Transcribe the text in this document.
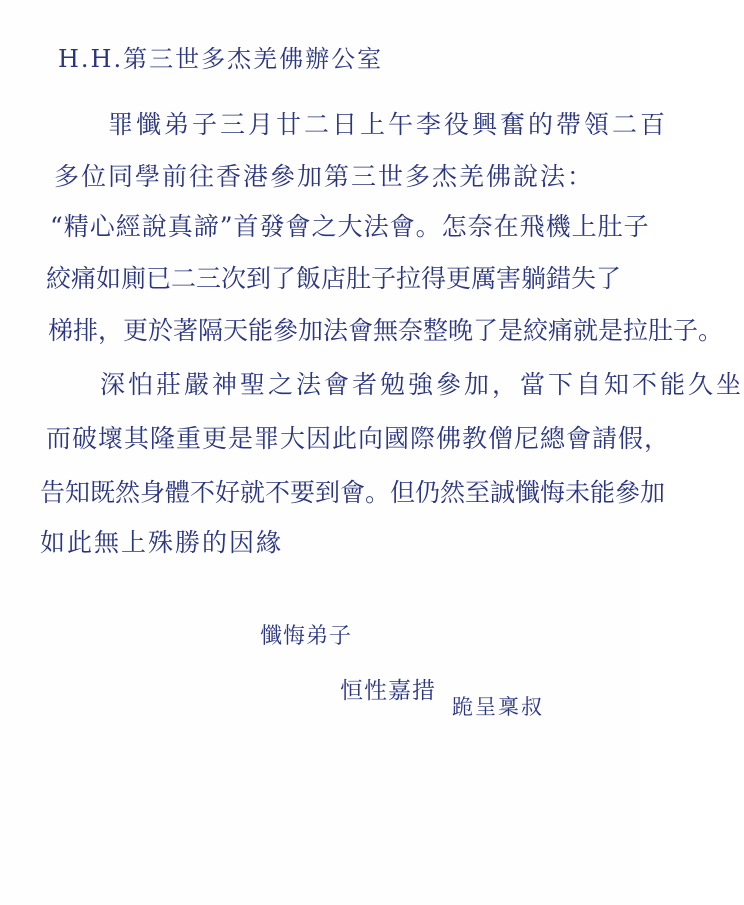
H.H.第三世多杰羌佛辦公室
罪懺弟子三月廿二日上午李役興奮的帶領二百
多位同學前往香港參加第三世多杰羌佛說法：
“精心經說真諦”首發會之大法會。怎奈在飛機上肚子
絞痛如廁已二三次到了飯店肚子拉得更厲害躺錯失了
梯排，更於著隔天能參加法會無奈整晚了是絞痛就是拉肚子。
深怕莊嚴神聖之法會者勉強參加，當下自知不能久坐
而破壞其隆重更是罪大因此向國際佛教僧尼總會請假，
告知既然身體不好就不要到會。但仍然至誠懺悔未能參加
如此無上殊勝的因緣
懺悔弟子
恒性嘉措
跪呈稟叔
